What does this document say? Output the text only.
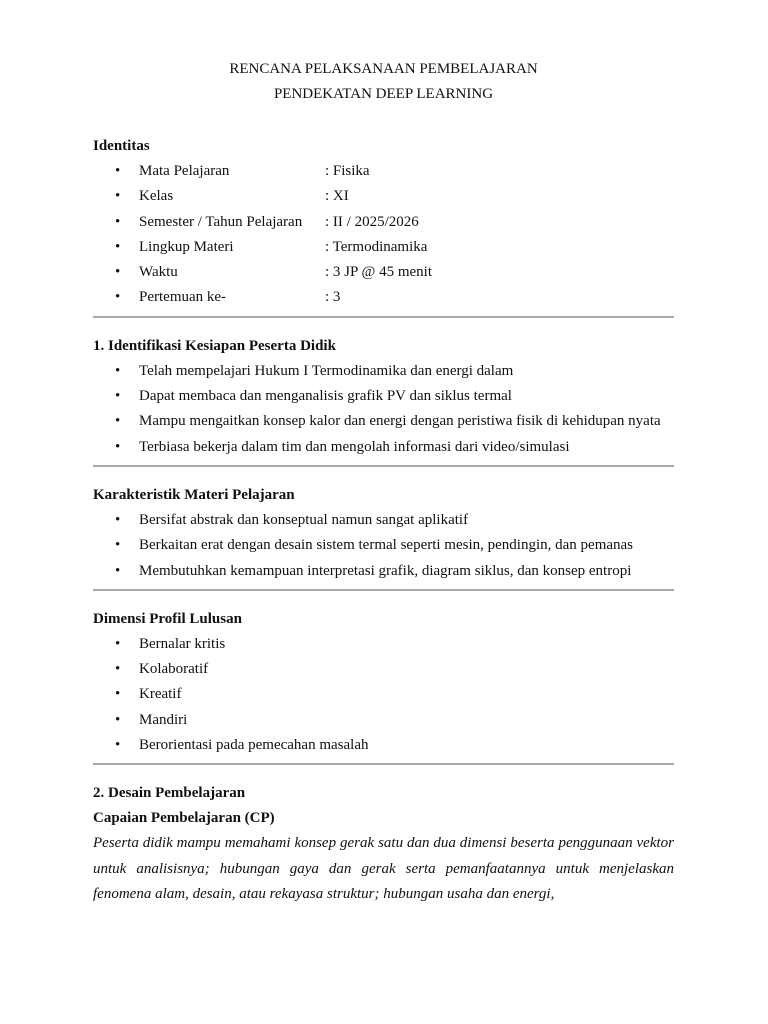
RENCANA PELAKSANAAN PEMBELAJARAN

PENDEKATAN DEEP LEARNING

Identitas

• Mata Pelajaran	: Fisika
• Kelas	: XI
• Semester / Tahun Pelajaran	: II / 2025/2026
• Lingkup Materi	: Termodinamika
• Waktu	: 3 JP @ 45 menit
• Pertemuan ke-	: 3

1. Identifikasi Kesiapan Peserta Didik

• Telah mempelajari Hukum I Termodinamika dan energi dalam
• Dapat membaca dan menganalisis grafik PV dan siklus termal
• Mampu mengaitkan konsep kalor dan energi dengan peristiwa fisik di kehidupan nyata
• Terbiasa bekerja dalam tim dan mengolah informasi dari video/simulasi

Karakteristik Materi Pelajaran

• Bersifat abstrak dan konseptual namun sangat aplikatif
• Berkaitan erat dengan desain sistem termal seperti mesin, pendingin, dan pemanas
• Membutuhkan kemampuan interpretasi grafik, diagram siklus, dan konsep entropi

Dimensi Profil Lulusan

• Bernalar kritis
• Kolaboratif
• Kreatif
• Mandiri
• Berorientasi pada pemecahan masalah

2. Desain Pembelajaran

Capaian Pembelajaran (CP)

Peserta didik mampu memahami konsep gerak satu dan dua dimensi beserta penggunaan vektor untuk analisisnya; hubungan gaya dan gerak serta pemanfaatannya untuk menjelaskan fenomena alam, desain, atau rekayasa struktur; hubungan usaha dan energi,
